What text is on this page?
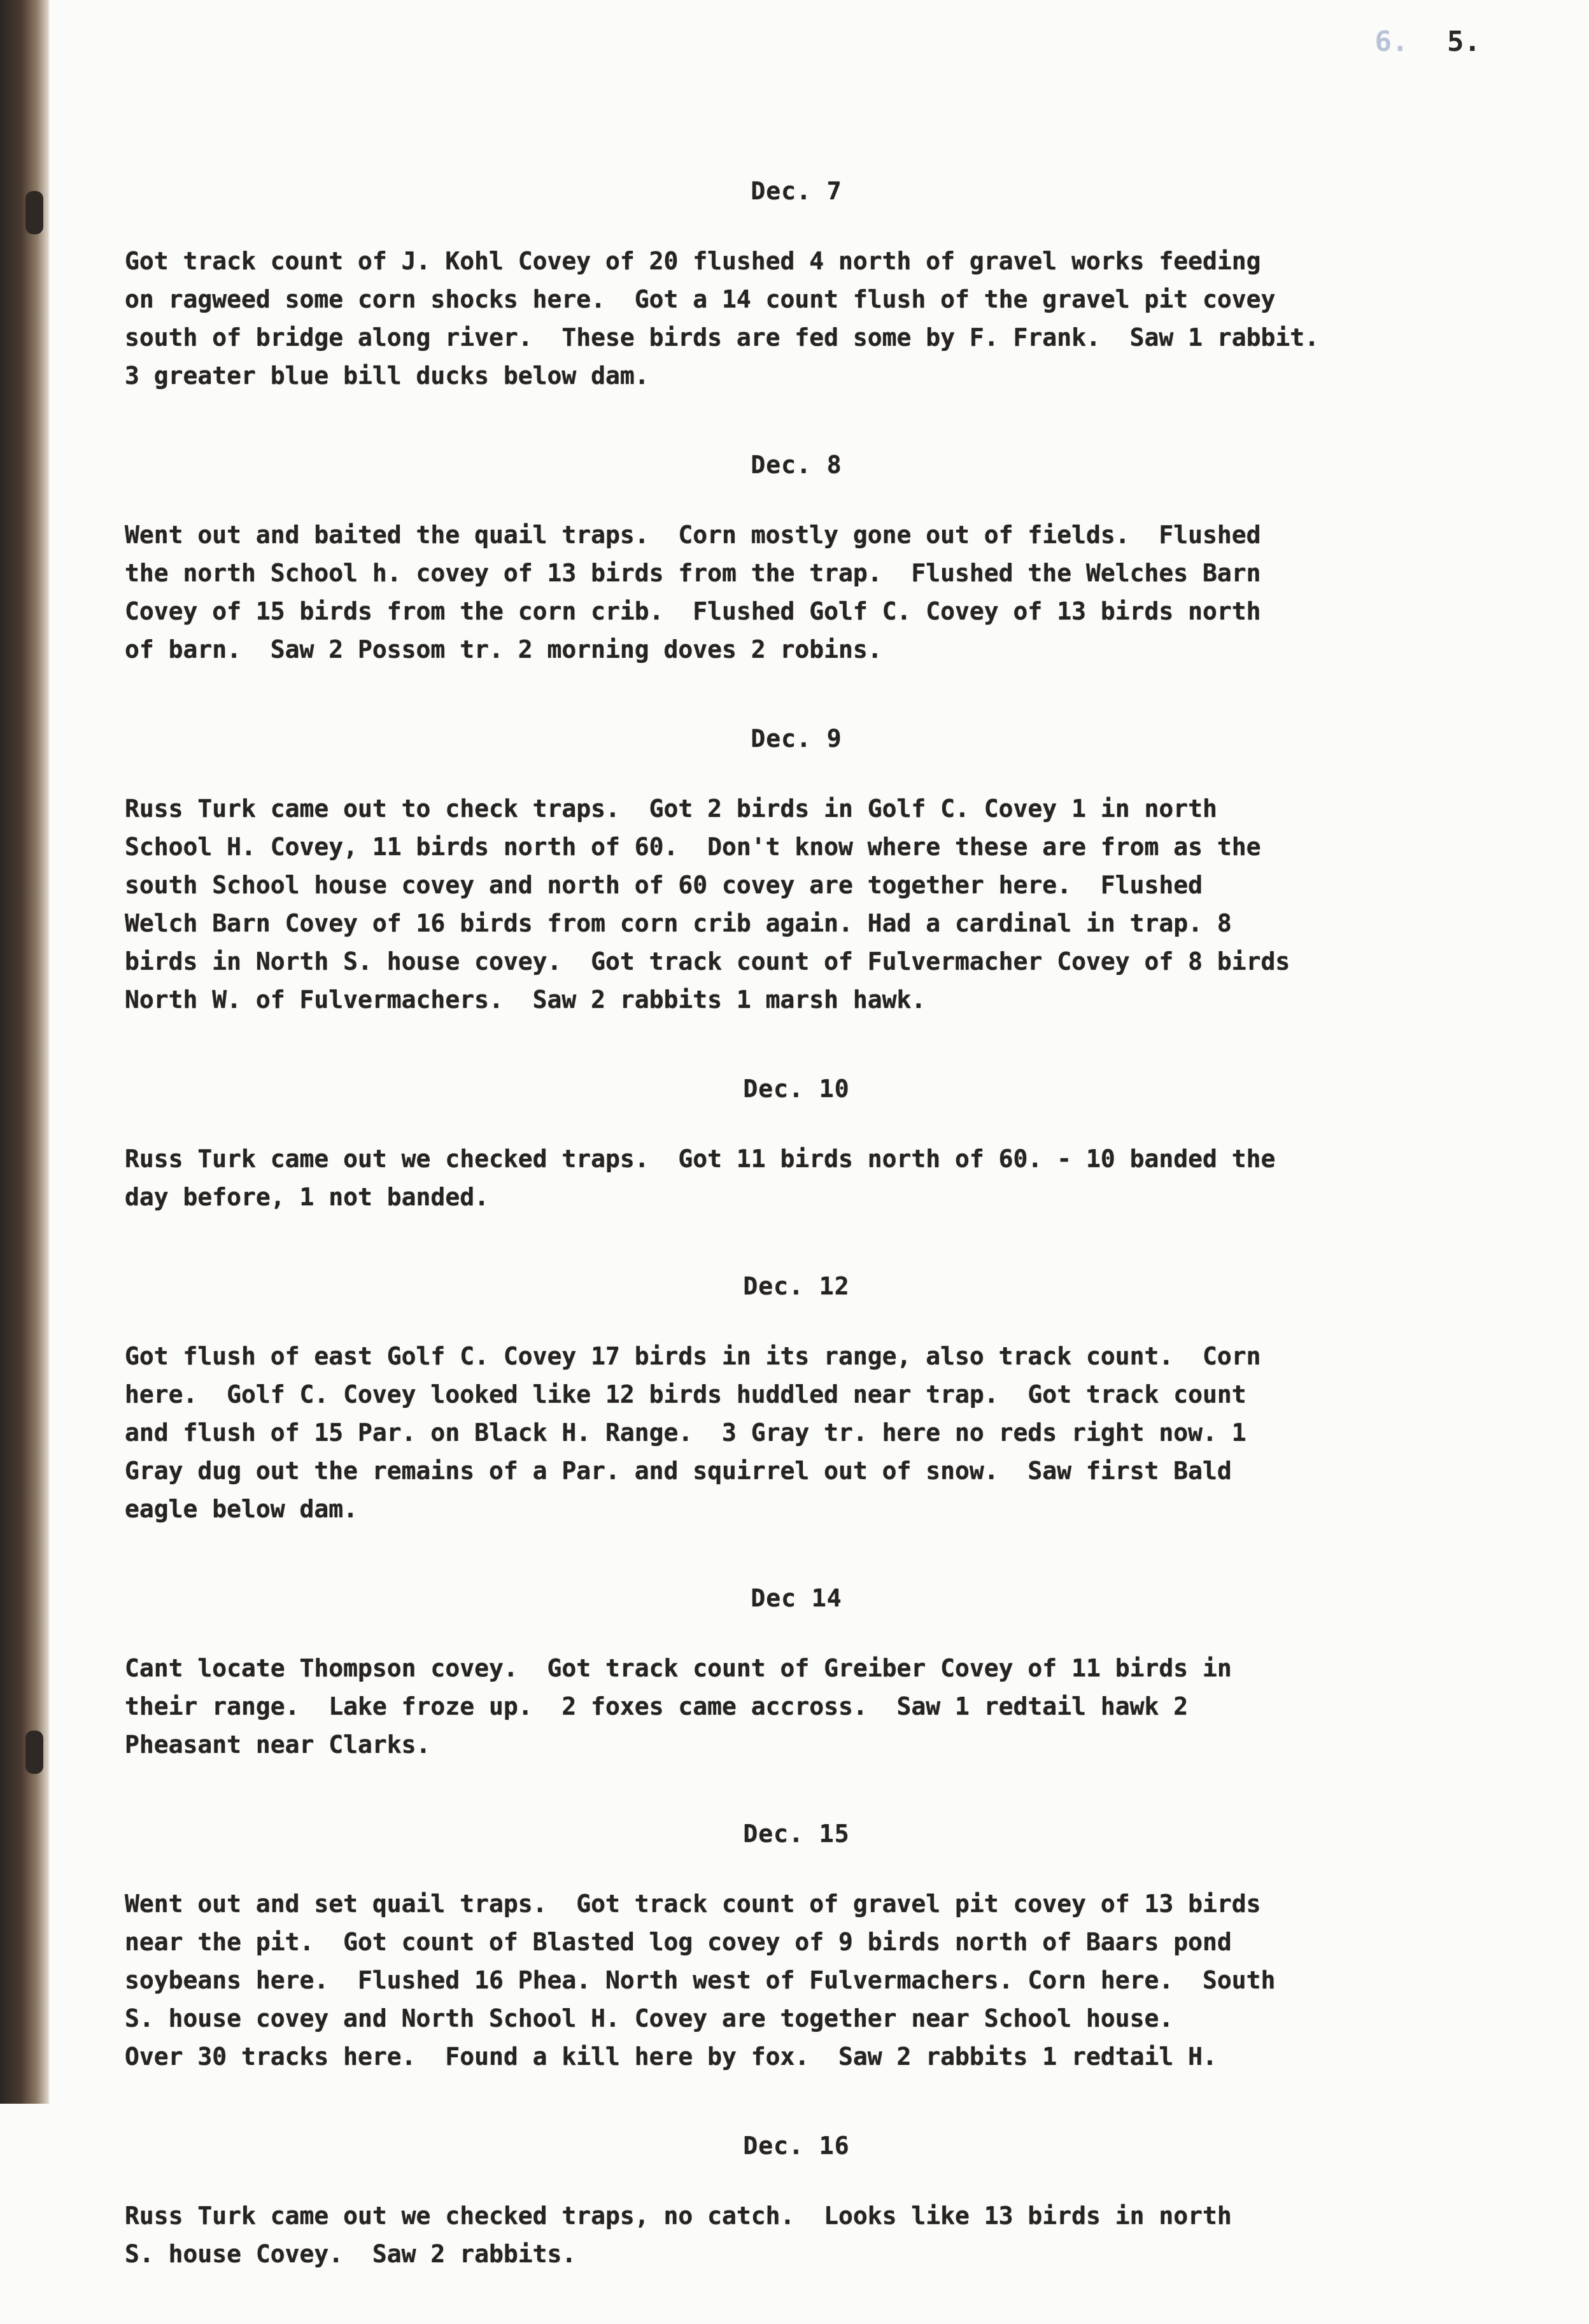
6. 5.
Dec. 7

Got track count of J. Kohl Covey of 20 flushed 4 north of gravel works feeding

on ragweed some corn shocks here.  Got a 14 count flush of the gravel pit covey

south of bridge along river.  These birds are fed some by F. Frank.  Saw 1 rabbit.

3 greater blue bill ducks below dam.

Dec. 8

Went out and baited the quail traps.  Corn mostly gone out of fields.  Flushed

the north School h. covey of 13 birds from the trap.  Flushed the Welches Barn

Covey of 15 birds from the corn crib.  Flushed Golf C. Covey of 13 birds north

of barn.  Saw 2 Possom tr. 2 morning doves 2 robins.

Dec. 9

Russ Turk came out to check traps.  Got 2 birds in Golf C. Covey 1 in north

School H. Covey, 11 birds north of 60.  Don't know where these are from as the

south School house covey and north of 60 covey are together here.  Flushed

Welch Barn Covey of 16 birds from corn crib again. Had a cardinal in trap. 8

birds in North S. house covey.  Got track count of Fulvermacher Covey of 8 birds

North W. of Fulvermachers.  Saw 2 rabbits 1 marsh hawk.

Dec. 10

Russ Turk came out we checked traps.  Got 11 birds north of 60. - 10 banded the

day before, 1 not banded.

Dec. 12

Got flush of east Golf C. Covey 17 birds in its range, also track count.  Corn

here.  Golf C. Covey looked like 12 birds huddled near trap.  Got track count

and flush of 15 Par. on Black H. Range.  3 Gray tr. here no reds right now. 1

Gray dug out the remains of a Par. and squirrel out of snow.  Saw first Bald

eagle below dam.

Dec 14

Cant locate Thompson covey.  Got track count of Greiber Covey of 11 birds in

their range.  Lake froze up.  2 foxes came accross.  Saw 1 redtail hawk 2

Pheasant near Clarks.

Dec. 15

Went out and set quail traps.  Got track count of gravel pit covey of 13 birds

near the pit.  Got count of Blasted log covey of 9 birds north of Baars pond

soybeans here.  Flushed 16 Phea. North west of Fulvermachers. Corn here.  South

S. house covey and North School H. Covey are together near School house.

Over 30 tracks here.  Found a kill here by fox.  Saw 2 rabbits 1 redtail H.

Dec. 16

Russ Turk came out we checked traps, no catch.  Looks like 13 birds in north

S. house Covey.  Saw 2 rabbits.
